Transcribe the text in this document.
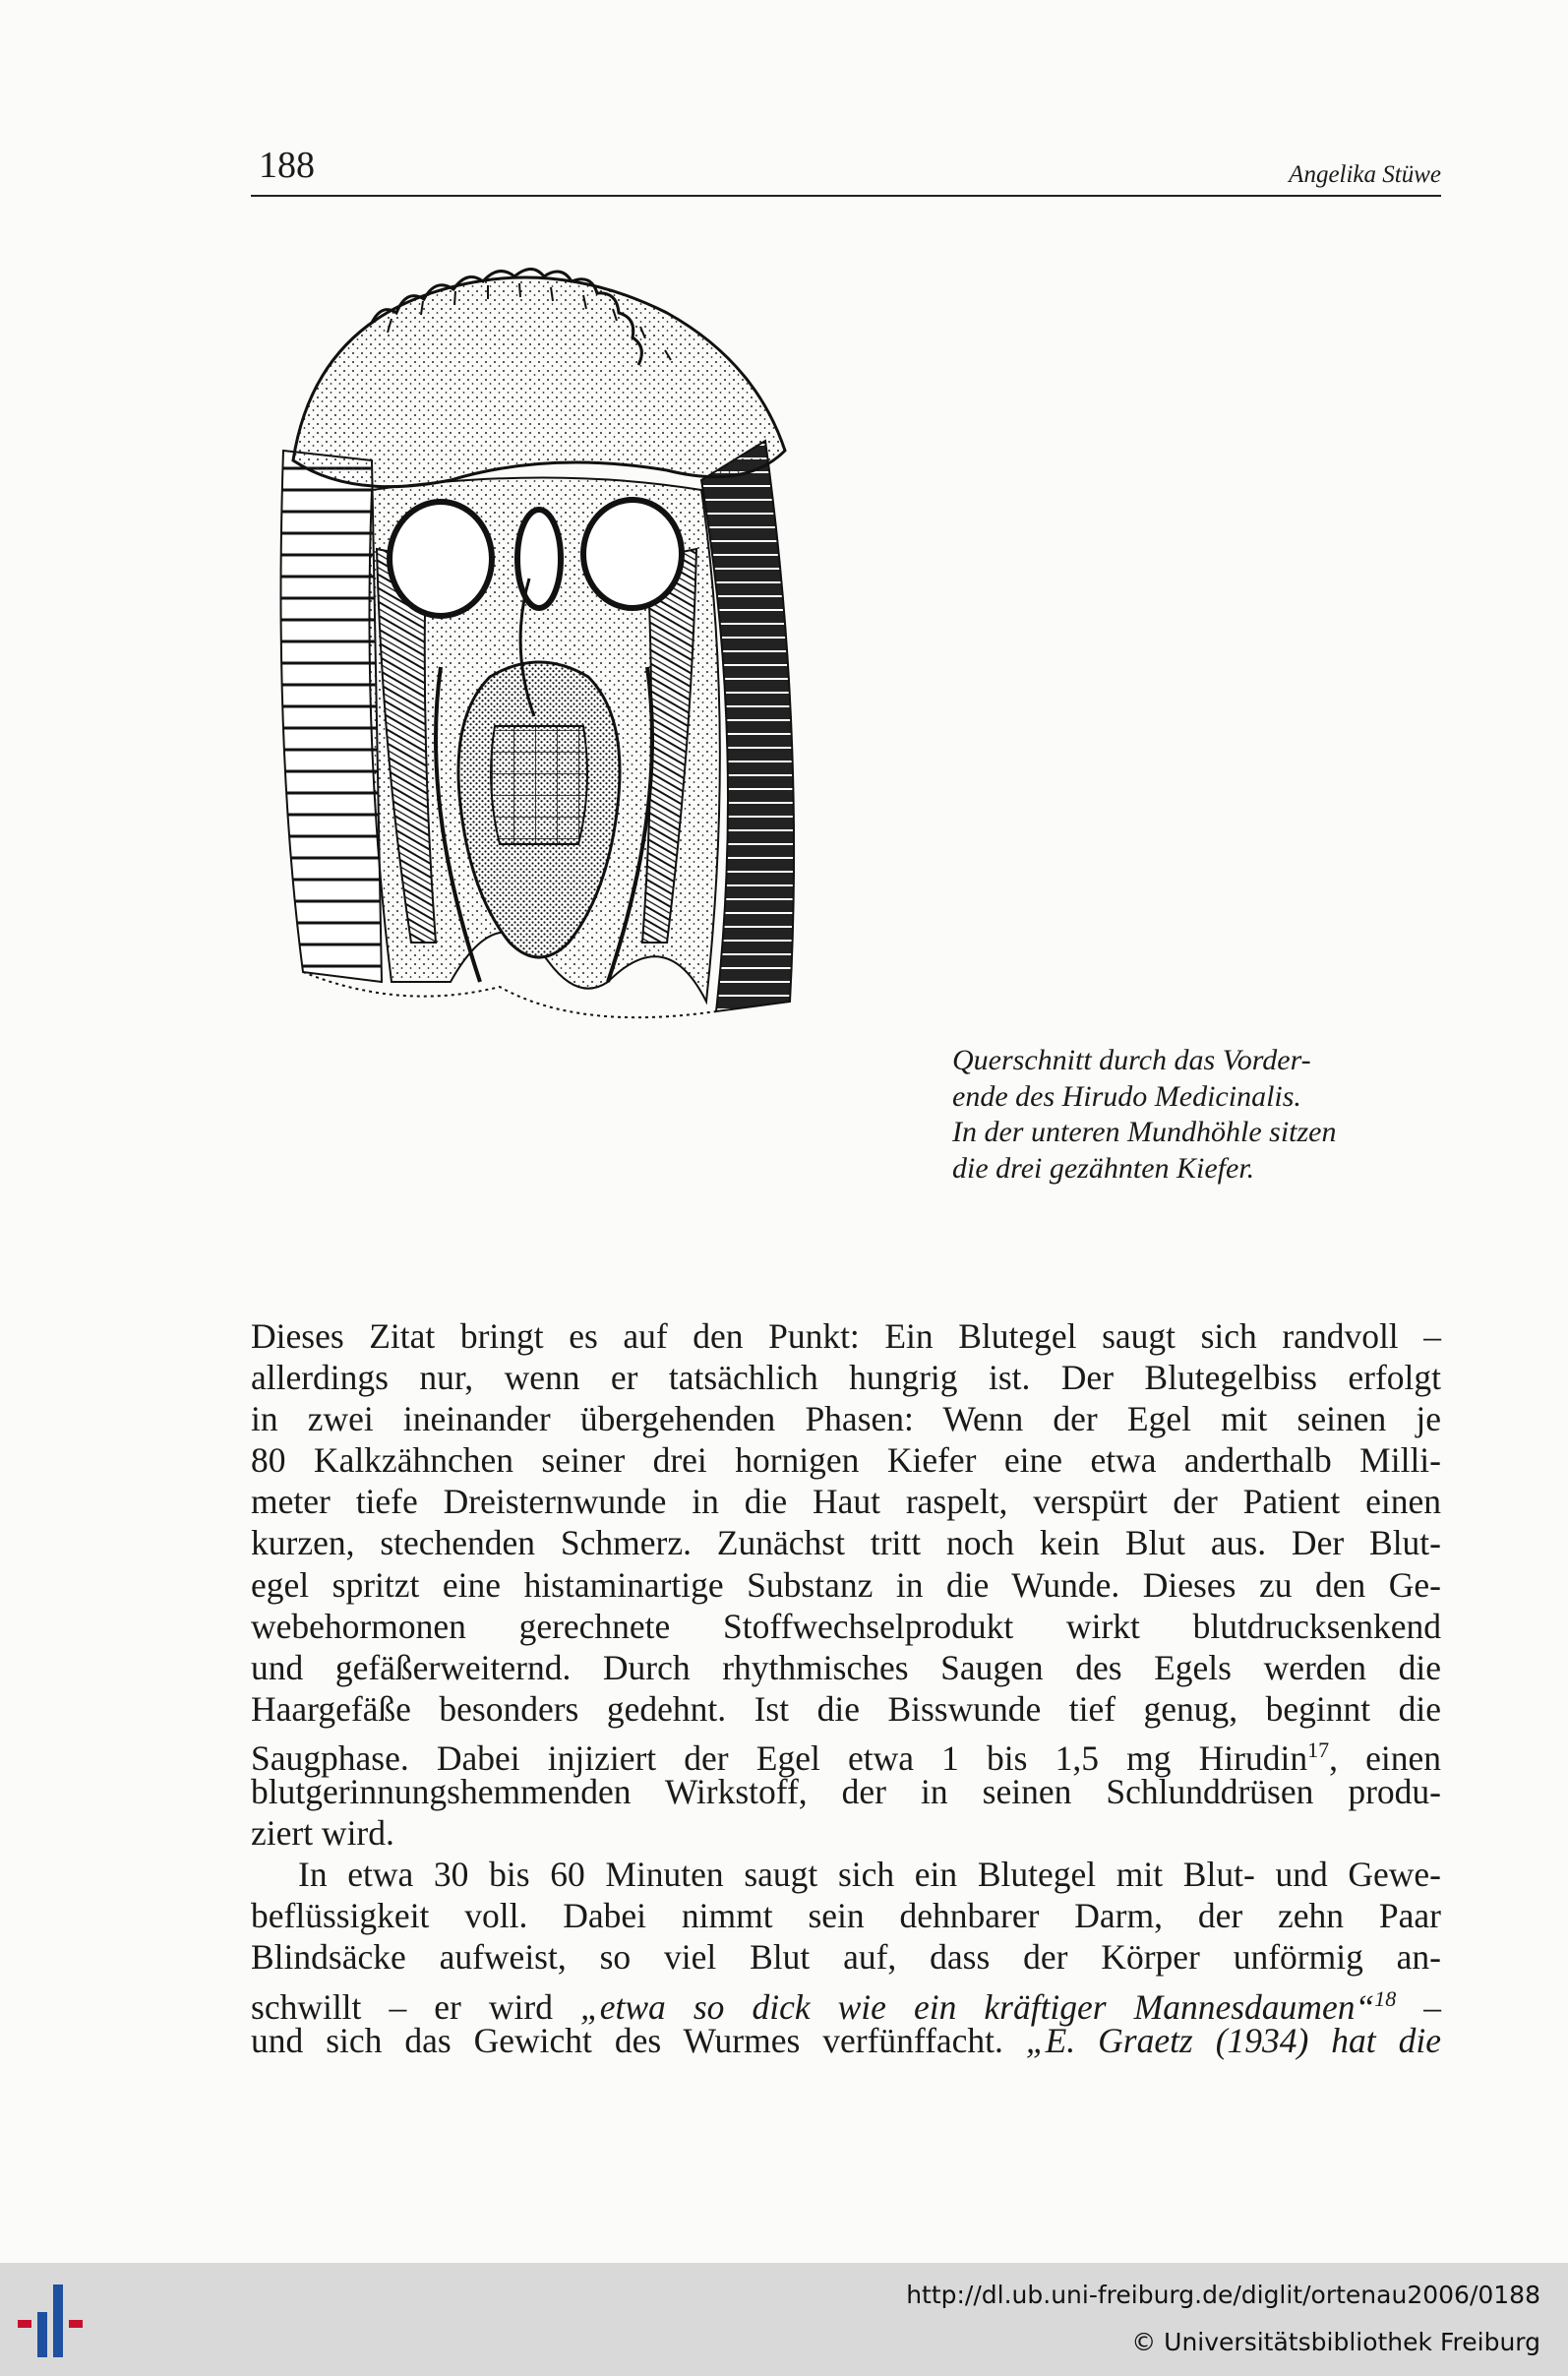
188	Angelika Stüwe
Querschnitt durch das Vorder-
ende des Hirudo Medicinalis.
In der unteren Mundhöhle sitzen
die drei gezähnten Kiefer.
Dieses Zitat bringt es auf den Punkt: Ein Blutegel saugt sich randvoll –
allerdings nur, wenn er tatsächlich hungrig ist. Der Blutegelbiss erfolgt
in zwei ineinander übergehenden Phasen: Wenn der Egel mit seinen je
80 Kalkzähnchen seiner drei hornigen Kiefer eine etwa anderthalb Milli-
meter tiefe Dreisternwunde in die Haut raspelt, verspürt der Patient einen
kurzen, stechenden Schmerz. Zunächst tritt noch kein Blut aus. Der Blut-
egel spritzt eine histaminartige Substanz in die Wunde. Dieses zu den Ge-
webehormonen gerechnete Stoffwechselprodukt wirkt blutdrucksenkend
und gefäßerweiternd. Durch rhythmisches Saugen des Egels werden die
Haargefäße besonders gedehnt. Ist die Bisswunde tief genug, beginnt die
Saugphase. Dabei injiziert der Egel etwa 1 bis 1,5 mg Hirudin$^{17}$, einen
blutgerinnungshemmenden Wirkstoff, der in seinen Schlunddrüsen produ-
ziert wird.
In etwa 30 bis 60 Minuten saugt sich ein Blutegel mit Blut- und Gewe-
beflüssigkeit voll. Dabei nimmt sein dehnbarer Darm, der zehn Paar
Blindsäcke aufweist, so viel Blut auf, dass der Körper unförmig an-
schwillt – er wird „etwa so dick wie ein kräftiger Mannesdaumen“$^{18}$ –
und sich das Gewicht des Wurmes verfünffacht. „E. Graetz (1934) hat die
http://dl.ub.uni-freiburg.de/diglit/ortenau2006/0188
© Universitätsbibliothek Freiburg
